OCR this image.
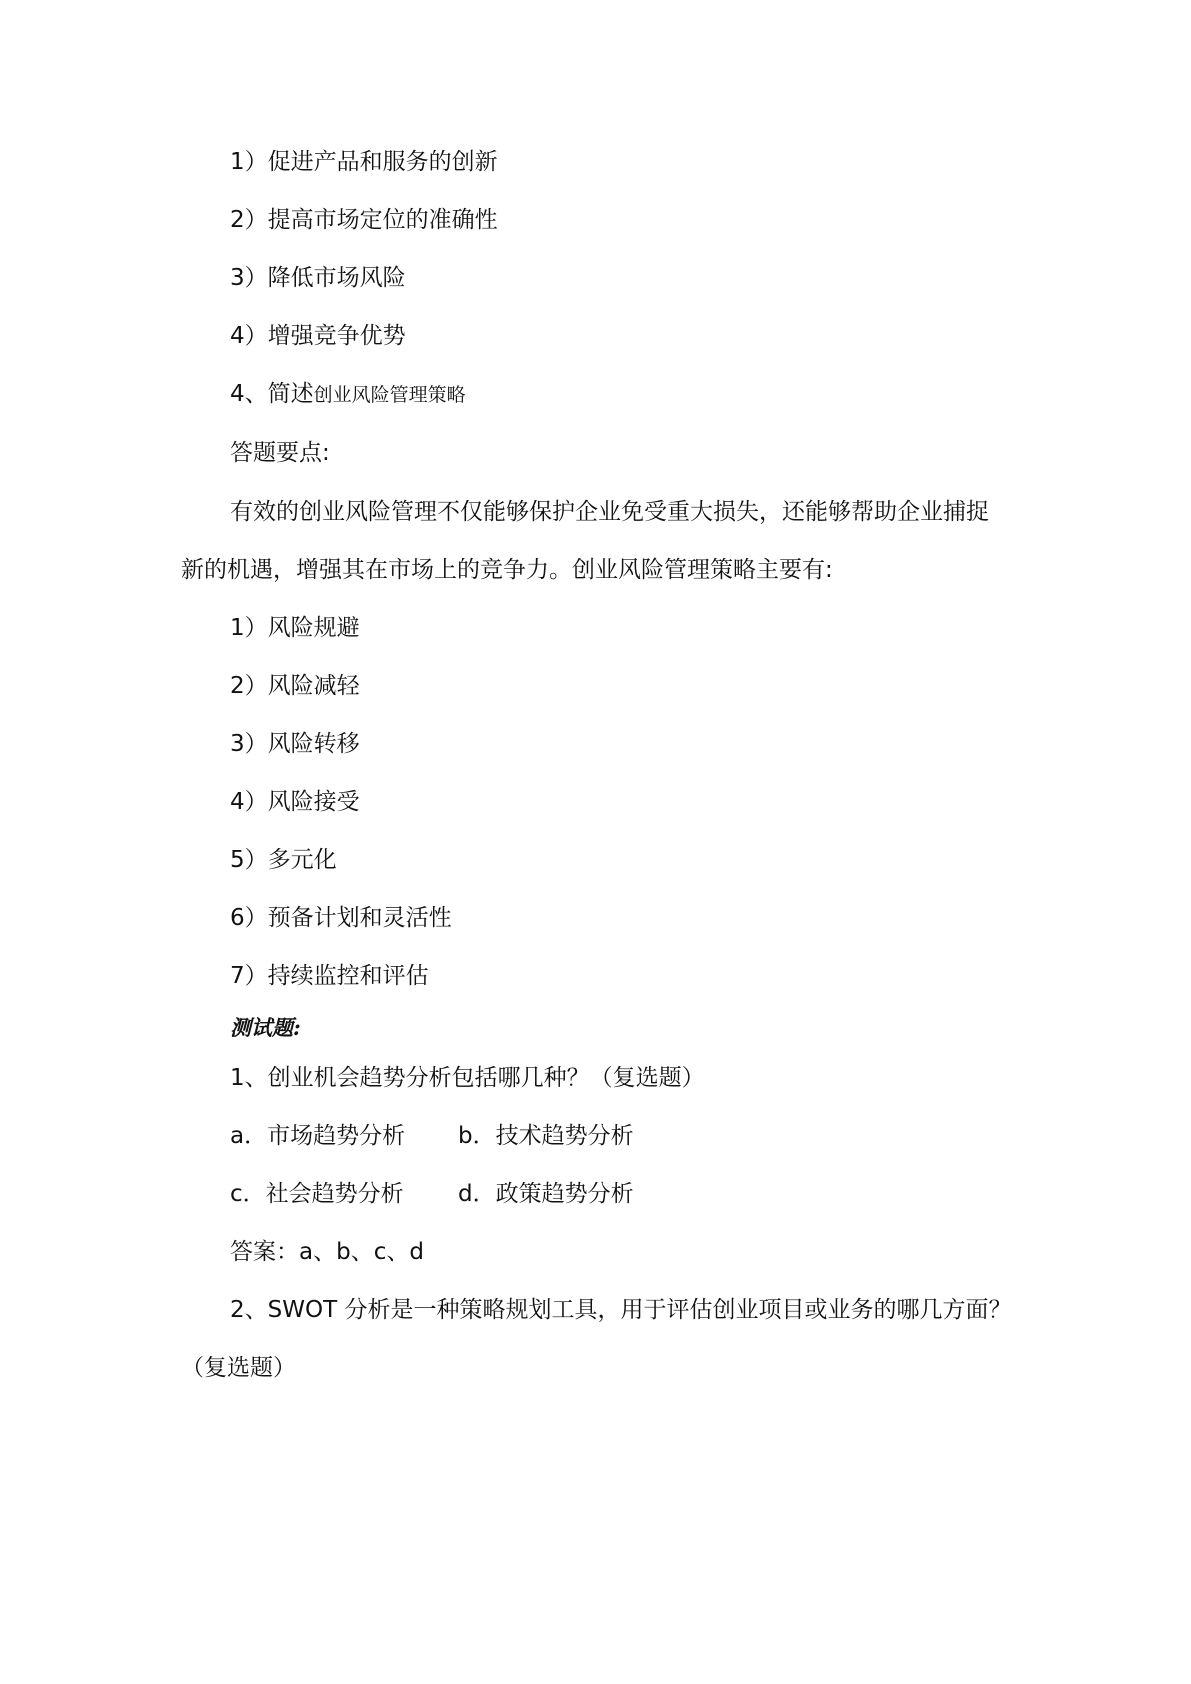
1）促进产品和服务的创新
2）提高市场定位的准确性
3）降低市场风险
4）增强竞争优势
4、简述创业风险管理策略
答题要点:
有效的创业风险管理不仅能够保护企业免受重大损失，还能够帮助企业捕捉
新的机遇，增强其在市场上的竞争力。创业风险管理策略主要有:
1）风险规避
2）风险减轻
3）风险转移
4）风险接受
5）多元化
6）预备计划和灵活性
7）持续监控和评估
测试题:
1、创业机会趋势分析包括哪几种？（复选题）
a．市场趋势分析 b．技术趋势分析
c．社会趋势分析 d．政策趋势分析
答案：a、b、c、d
2、SWOT 分析是一种策略规划工具，用于评估创业项目或业务的哪几方面？
（复选题）
